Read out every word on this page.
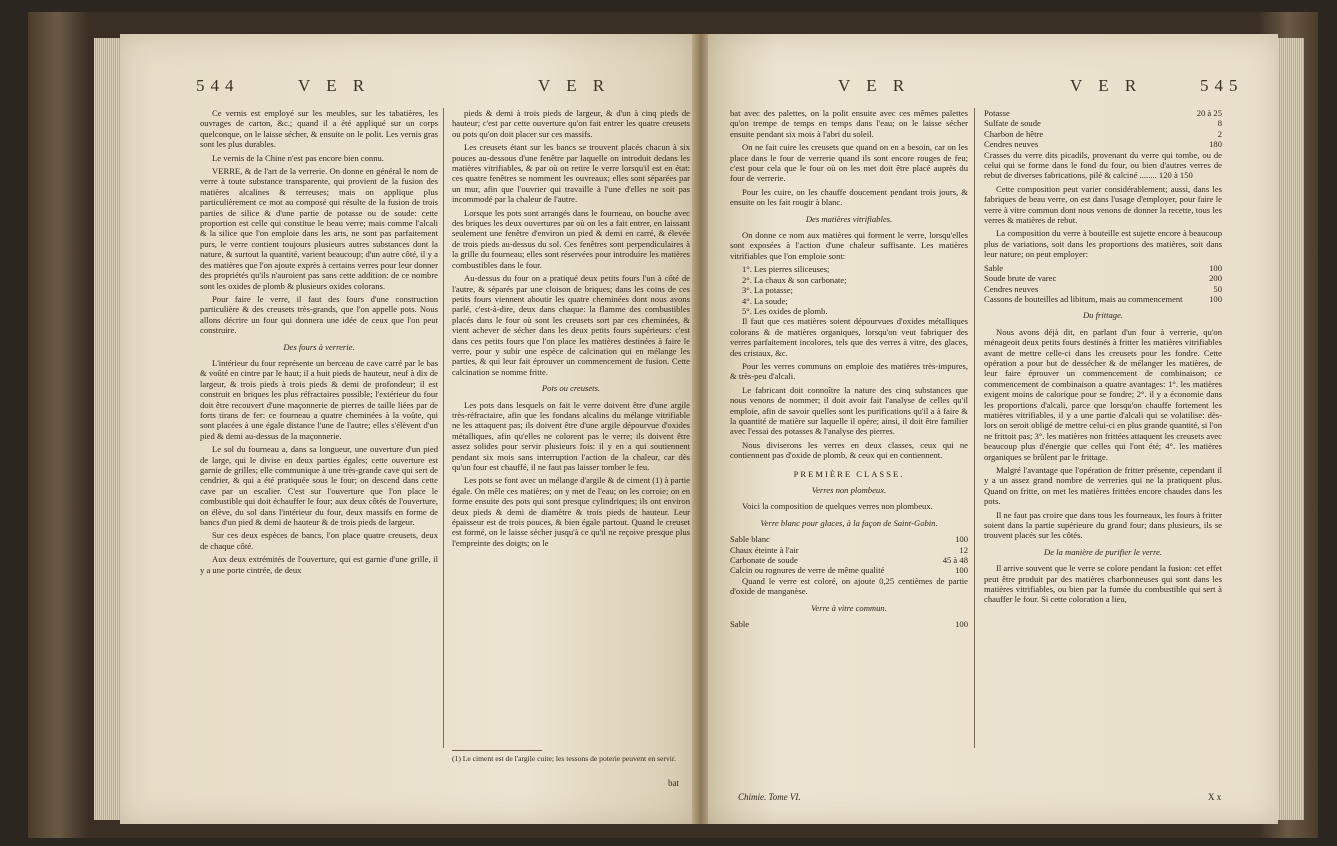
544	V E R	V E R

Ce vernis est employé sur les meubles, sur les tabatières, les ouvrages de carton, &c.; quand il a été appliqué sur un corps quelconque, on le laisse sécher, & ensuite on le polit. Les vernis gras sont les plus durables.

Le vernis de la Chine n'est pas encore bien connu.

VERRE, & de l'art de la verrerie. On donne en général le nom de verre à toute substance transparente, qui provient de la fusion des matières alcalines & terreuses; mais on applique plus particulièrement ce mot au composé qui résulte de la fusion de trois parties de silice & d'une partie de potasse ou de soude: cette proportion est celle qui constitue le beau verre; mais comme l'alcali & la silice que l'on emploie dans les arts, ne sont pas parfaitement purs, le verre contient toujours plusieurs autres substances dont la nature, & surtout la quantité, varient beaucoup; d'un autre côté, il y a des matières que l'on ajoute exprès à certains verres pour leur donner des propriétés qu'ils n'auroient pas sans cette addition: de ce nombre sont les oxides de plomb & plusieurs oxides colorans.

Pour faire le verre, il faut des fours d'une construction particulière & des creusets très-grands, que l'on appelle pots. Nous allons décrire un four qui donnera une idée de ceux que l'on peut construire.

Des fours à verrerie.

L'intérieur du four représente un berceau de cave carré par le bas & voûté en cintre par le haut; il a huit pieds de hauteur, neuf à dix de largeur, & trois pieds à trois pieds & demi de profondeur; il est construit en briques les plus réfractaires possible; l'extérieur du four doit être recouvert d'une maçonnerie de pierres de taille liées par de forts tirans de fer: ce fourneau a quatre cheminées à la voûte, qui sont placées à une égale distance l'une de l'autre; elles s'élèvent d'un pied & demi au-dessus de la maçonnerie.

Le sol du fourneau a, dans sa longueur, une ouverture d'un pied de large, qui le divise en deux parties égales; cette ouverture est garnie de grilles; elle communique à une très-grande cave qui sert de cendrier, & qui a été pratiquée sous le four; on descend dans cette cave par un escalier. C'est sur l'ouverture que l'on place le combustible qui doit échauffer le four; aux deux côtés de l'ouverture, on élève, du sol dans l'intérieur du four, deux massifs en forme de bancs d'un pied & demi de hauteur & de trois pieds de largeur.

Sur ces deux espèces de bancs, l'on place quatre creusets, deux de chaque côté.

Aux deux extrémités de l'ouverture, qui est garnie d'une grille, il y a une porte cintrée, de deux

pieds & demi à trois pieds de largeur, & d'un à cinq pieds de hauteur; c'est par cette ouverture qu'on fait entrer les quatre creusets ou pots qu'on doit placer sur ces massifs.

Les creusets étant sur les bancs se trouvent placés chacun à six pouces au-dessous d'une fenêtre par laquelle on introduit dedans les matières vitrifiables, & par où on retire le verre lorsqu'il est en état: ces quatre fenêtres se nomment les ouvreaux; elles sont séparées par un mur, afin que l'ouvrier qui travaille à l'une d'elles ne soit pas incommodé par la chaleur de l'autre.

Lorsque les pots sont arrangés dans le fourneau, on bouche avec des briques les deux ouvertures par où on les a fait entrer, en laissant seulement une fenêtre d'environ un pied & demi en carré, & élevée de trois pieds au-dessus du sol. Ces fenêtres sont perpendiculaires à la grille du fourneau; elles sont réservées pour introduire les matières combustibles dans le four.

Au-dessus du four on a pratiqué deux petits fours l'un à côté de l'autre, & séparés par une cloison de briques; dans les coins de ces petits fours viennent aboutir les quatre cheminées dont nous avons parlé, c'est-à-dire, deux dans chaque: la flamme des combustibles placés dans le four où sont les creusets sort par ces cheminées, & vient achever de sécher dans les deux petits fours supérieurs: c'est dans ces petits fours que l'on place les matières destinées à faire le verre, pour y subir une espèce de calcination qui en mélange les parties, & qui leur fait éprouver un commencement de fusion. Cette calcination se nomme fritte.

Pots ou creusets.

Les pots dans lesquels on fait le verre doivent être d'une argile très-réfractaire, afin que les fondans alcalins du mélange vitrifiable ne les attaquent pas; ils doivent être d'une argile dépourvue d'oxides métalliques, afin qu'elles ne colorent pas le verre; ils doivent être assez solides pour servir plusieurs fois: il y en a qui soutiennent pendant six mois sans interruption l'action de la chaleur, car dès qu'un four est chauffé, il ne faut pas laisser tomber le feu.

Les pots se font avec un mélange d'argile & de ciment (1) à partie égale. On mêle ces matières; on y met de l'eau; on les corroie; on en forme ensuite des pots qui sont presque cylindriques; ils ont environ deux pieds & demi de diamètre & trois pieds de hauteur. Leur épaisseur est de trois pouces, & bien égale partout. Quand le creuset est formé, on le laisse sécher jusqu'à ce qu'il ne reçoive presque plus l'empreinte des doigts; on le

(1) Le ciment est de l'argile cuite; les tessons de poterie peuvent en servir.
bat
V E R	V E R	545

bat avec des palettes, on la polit ensuite avec ces mêmes palettes qu'on trempe de temps en temps dans l'eau; on le laisse sécher ensuite pendant six mois à l'abri du soleil.

On ne fait cuire les creusets que quand on en a besoin, car on les place dans le four de verrerie quand ils sont encore rouges de feu; c'est pour cela que le four où on les met doit être placé auprès du four de verrerie.

Pour les cuire, on les chauffe doucement pendant trois jours, & ensuite on les fait rougir à blanc.

Des matières vitrifiables.

On donne ce nom aux matières qui forment le verre, lorsqu'elles sont exposées à l'action d'une chaleur suffisante. Les matières vitrifiables que l'on emploie sont:

1°. Les pierres siliceuses;

2°. La chaux & son carbonate;

3°. La potasse;

4°. La soude;

5°. Les oxides de plomb.

Il faut que ces matières soient dépourvues d'oxides métalliques colorans & de matières organiques, lorsqu'on veut fabriquer des verres parfaitement incolores, tels que des verres à vitre, des glaces, des cristaux, &c.

Pour les verres communs on emploie des matières très-impures, & très-peu d'alcali.

Le fabricant doit connoître la nature des cinq substances que nous venons de nommer; il doit avoir fait l'analyse de celles qu'il emploie, afin de savoir quelles sont les purifications qu'il a à faire & la quantité de matière sur laquelle il opère; ainsi, il doit être familier avec l'essai des potasses & l'analyse des pierres.

Nous diviserons les verres en deux classes, ceux qui ne contiennent pas d'oxide de plomb, & ceux qui en contiennent.

PREMIÈRE CLASSE.

Verres non plombeux.

Voici la composition de quelques verres non plombeux.

Verre blanc pour glaces, à la façon de Saint-Gobin.

Sable blanc	100
Chaux éteinte à l'air	12
Carbonate de soude	45 à 48
Calcin ou rognures de verre de même qualité	100

Quand le verre est coloré, on ajoute 0,25 centièmes de partie d'oxide de manganèse.

Verre à vitre commun.

Sable	100
Potasse	20 à 25
Sulfate de soude	8
Charbon de hêtre	2
Cendres neuves	180

Crasses du verre dits picadils, provenant du verre qui tombe, ou de celui qui se forme dans le fond du four, ou bien d'autres verres de rebut de diverses fabrications, pilé & calciné ........ 120 à 150

Cette composition peut varier considérablement; aussi, dans les fabriques de beau verre, on est dans l'usage d'employer, pour faire le verre à vitre commun dont nous venons de donner la recette, tous les verres & matières de rebut.

La composition du verre à bouteille est sujette encore à beaucoup plus de variations, soit dans les proportions des matières, soit dans leur nature; on peut employer:

Sable	100
Soude brute de varec	200
Cendres neuves	50
Cassons de bouteilles ad libitum, mais au commencement	100

Du frittage.

Nous avons déjà dit, en parlant d'un four à verrerie, qu'on ménageoit deux petits fours destinés à fritter les matières vitrifiables avant de mettre celle-ci dans les creusets pour les fondre. Cette opération a pour but de dessécher & de mélanger les matières, de leur faire éprouver un commencement de combinaison; ce commencement de combinaison a quatre avantages: 1°. les matières exigent moins de calorique pour se fondre; 2°. il y a économie dans les proportions d'alcali, parce que lorsqu'on chauffe fortement les matières vitrifiables, il y a une partie d'alcali qui se volatilise: dès-lors on seroit obligé de mettre celui-ci en plus grande quantité, si l'on ne frittoit pas; 3°. les matières non frittées attaquent les creusets avec beaucoup plus d'énergie que celles qui l'ont été; 4°. les matières organiques se brûlent par le frittage.

Malgré l'avantage que l'opération de fritter présente, cependant il y a un assez grand nombre de verreries qui ne la pratiquent plus. Quand on fritte, on met les matières frittées encore chaudes dans les pots.

Il ne faut pas croire que dans tous les fourneaux, les fours à fritter soient dans la partie supérieure du grand four; dans plusieurs, ils se trouvent placés sur les côtés.

De la manière de purifier le verre.

Il arrive souvent que le verre se colore pendant la fusion: cet effet peut être produit par des matières charbonneuses qui sont dans les matières vitrifiables, ou bien par la fumée du combustible qui sert à chauffer le four. Si cette coloration a lieu,

Chimie. Tome VI.	X x
